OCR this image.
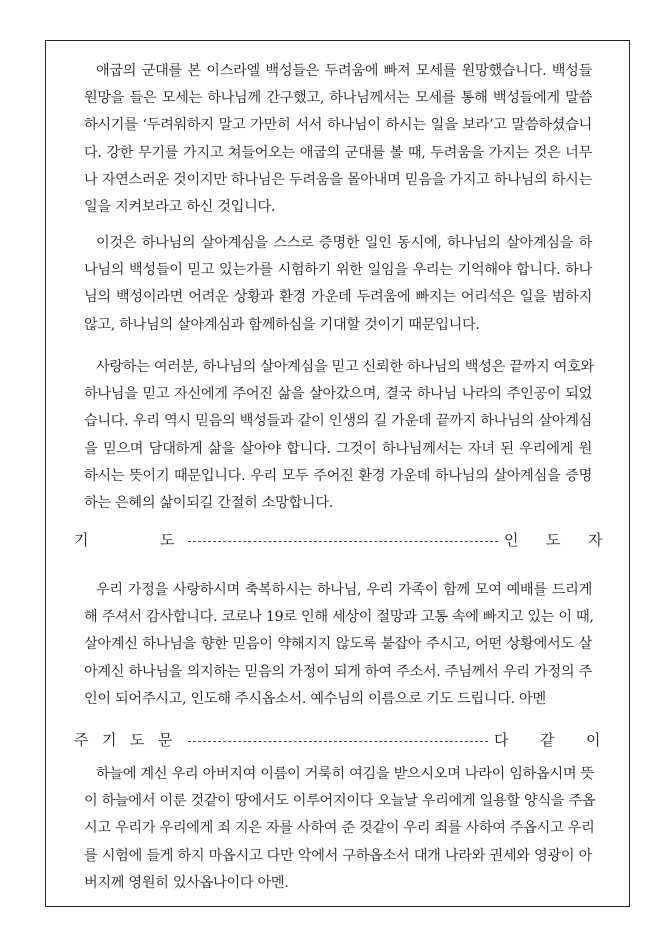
애굽의 군대를 본 이스라엘 백성들은 두려움에 빠져 모세를 원망했습니다. 백성들
원망을 들은 모세는 하나님께 간구했고, 하나님께서는 모세를 통해 백성들에게 말씀
하시기를 ‘두려워하지 말고 가만히 서서 하나님이 하시는 일을 보라’고 말씀하셨습니
다. 강한 무기를 가지고 쳐들어오는 애굽의 군대를 볼 때, 두려움을 가지는 것은 너무
나 자연스러운 것이지만 하나님은 두려움을 몰아내며 믿음을 가지고 하나님의 하시는
일을 지켜보라고 하신 것입니다.
이것은 하나님의 살아계심을 스스로 증명한 일인 동시에, 하나님의 살아계심을 하
나님의 백성들이 믿고 있는가를 시험하기 위한 일임을 우리는 기억해야 합니다. 하나
님의 백성이라면 어려운 상황과 환경 가운데 두려움에 빠지는 어리석은 일을 범하지
않고, 하나님의 살아계심과 함께하심을 기대할 것이기 때문입니다.
사랑하는 여러분, 하나님의 살아계심을 믿고 신뢰한 하나님의 백성은 끝까지 여호와
하나님을 믿고 자신에게 주어진 삶을 살아갔으며, 결국 하나님 나라의 주인공이 되었
습니다. 우리 역시 믿음의 백성들과 같이 인생의 길 가운데 끝까지 하나님의 살아계심
을 믿으며 담대하게 삶을 살아야 합니다. 그것이 하나님께서는 자녀 된 우리에게 원
하시는 뜻이기 때문입니다. 우리 모두 주어진 환경 가운데 하나님의 살아계심을 증명
하는 은혜의 삶이되길 간절히 소망합니다.
기	도	인 도 자
우리 가정을 사랑하시며 축복하시는 하나님, 우리 가족이 함께 모여 예배를 드리게
해 주셔서 감사합니다. 코로나 19로 인해 세상이 절망과 고통 속에 빠지고 있는 이 때,
살아계신 하나님을 향한 믿음이 약해지지 않도록 붙잡아 주시고, 어떤 상황에서도 살
아계신 하나님을 의지하는 믿음의 가정이 되게 하여 주소서. 주님께서 우리 가정의 주
인이 되어주시고, 인도해 주시옵소서. 예수님의 이름으로 기도 드립니다. 아멘
주 기 도 문	다 같 이
하늘에 계신 우리 아버지여 이름이 거룩히 여김을 받으시오며 나라이 임하옵시며 뜻
이 하늘에서 이룬 것같이 땅에서도 이루어지이다 오늘날 우리에게 일용할 양식을 주옵
시고 우리가 우리에게 죄 지은 자를 사하여 준 것같이 우리 죄를 사하여 주옵시고 우리
를 시험에 들게 하지 마옵시고 다만 악에서 구하옵소서 대개 나라와 권세와 영광이 아
버지께 영원히 있사옵나이다 아멘.
